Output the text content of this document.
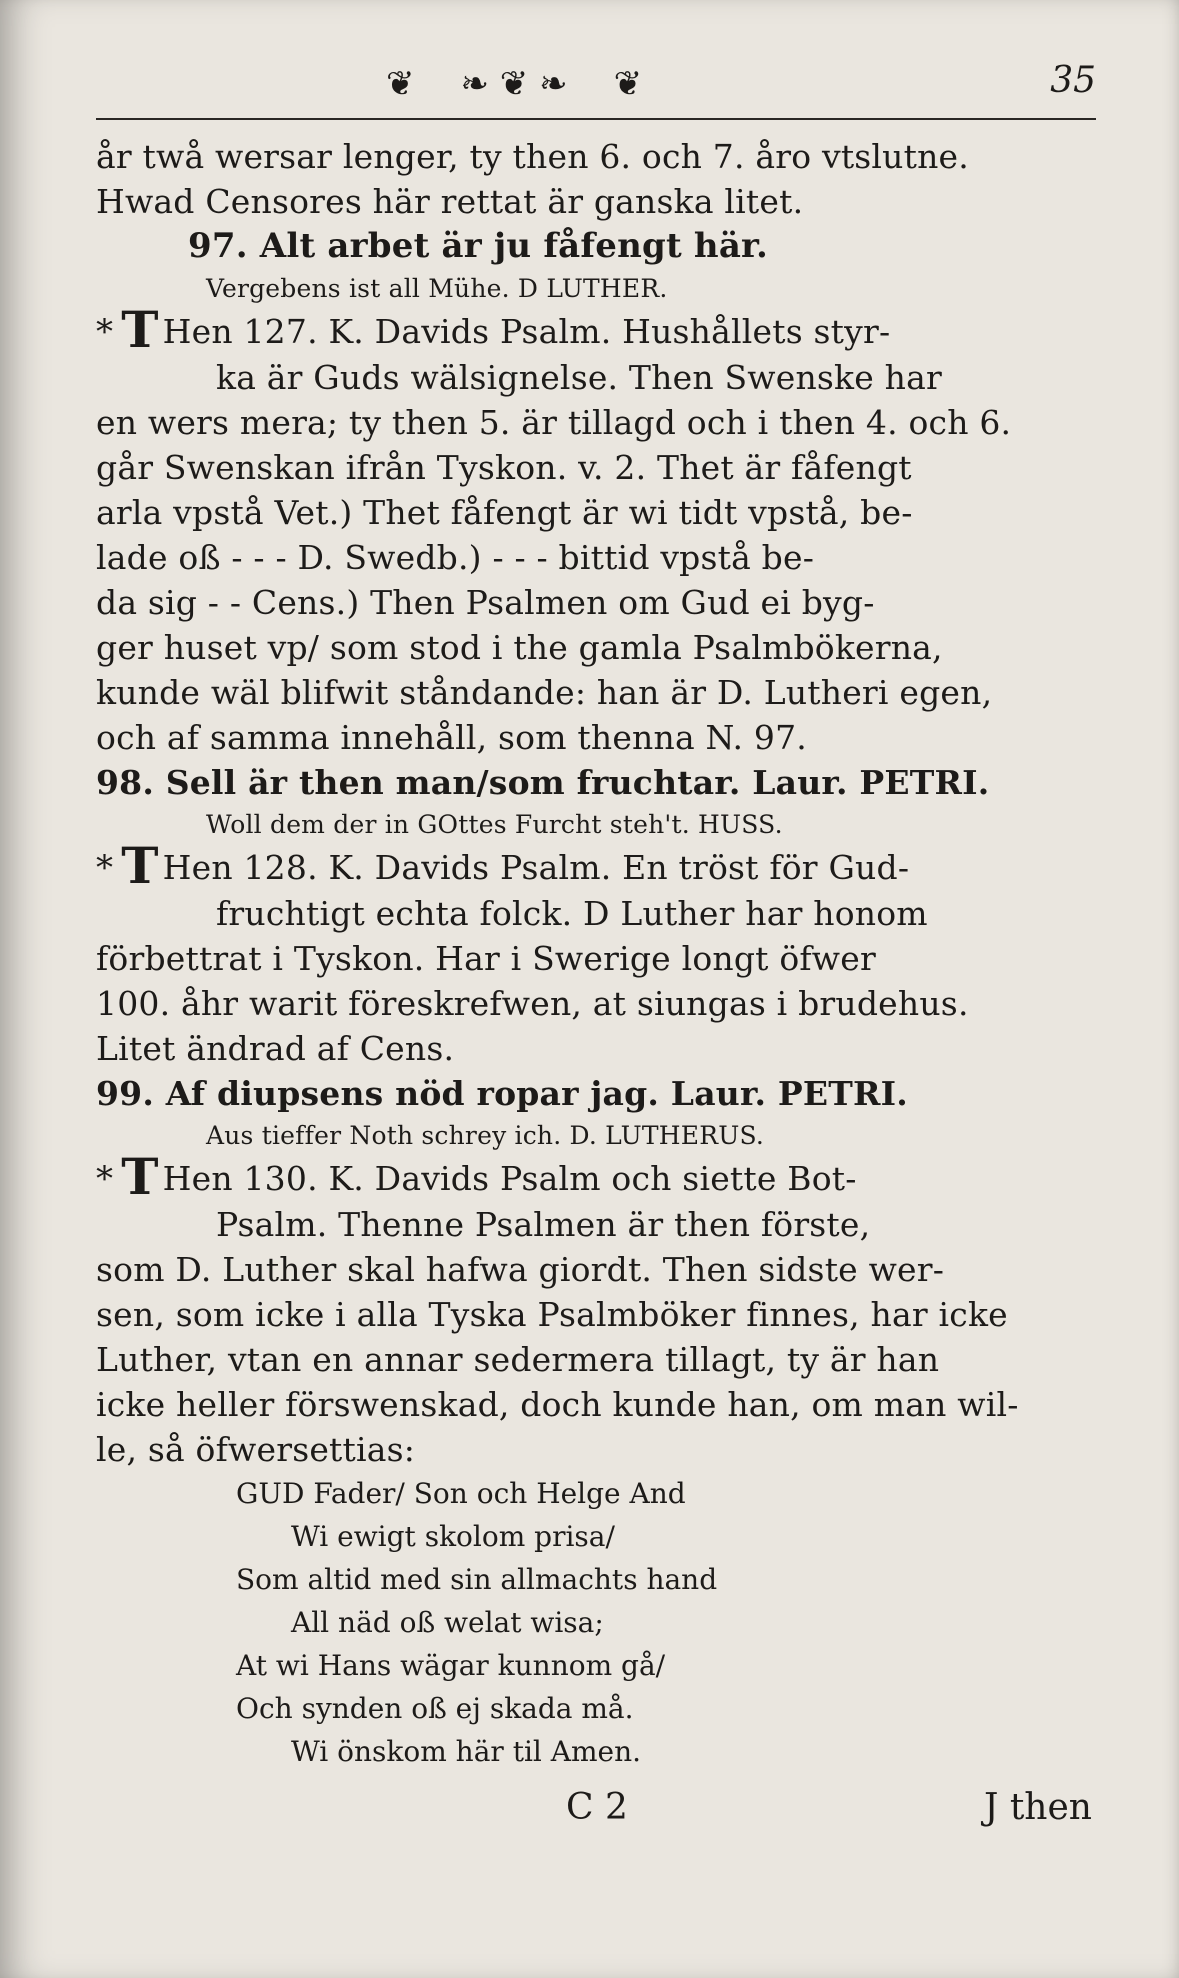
❦ ❧ ❦ ❧ ❦	35
år twå wersar lenger, ty then 6. och 7. åro vtslutne.
Hwad Censores här rettat är ganska litet.
97. Alt arbet är ju fåfengt här.
Vergebens ist all Mühe. D LUTHER.
* T Hen 127. K. Davids Psalm. Hushållets styr-
ka är Guds wälsignelse. Then Swenske har
en wers mera; ty then 5. är tillagd och i then 4. och 6.
går Swenskan ifrån Tyskon. v. 2. Thet är fåfengt
arla vpstå Vet.) Thet fåfengt är wi tidt vpstå, be-
lade oß - - - D. Swedb.) - - - bittid vpstå be-
da sig - - Cens.) Then Psalmen om Gud ei byg-
ger huset vp/ som stod i the gamla Psalmbökerna,
kunde wäl blifwit ståndande: han är D. Lutheri egen,
och af samma innehåll, som thenna N. 97.
98. Sell är then man/som fruchtar. Laur. PETRI.
Woll dem der in GOttes Furcht steh't. HUSS.
* T Hen 128. K. Davids Psalm. En tröst för Gud-
fruchtigt echta folck. D Luther har honom
förbettrat i Tyskon. Har i Swerige longt öfwer
100. åhr warit föreskrefwen, at siungas i brudehus.
Litet ändrad af Cens.
99. Af diupsens nöd ropar jag. Laur. PETRI.
Aus tieffer Noth schrey ich. D. LUTHERUS.
* T Hen 130. K. Davids Psalm och siette Bot-
Psalm. Thenne Psalmen är then förste,
som D. Luther skal hafwa giordt. Then sidste wer-
sen, som icke i alla Tyska Psalmböker finnes, har icke
Luther, vtan en annar sedermera tillagt, ty är han
icke heller förswenskad, doch kunde han, om man wil-
le, så öfwersettias:
GUD Fader/ Son och Helge And
Wi ewigt skolom prisa/
Som altid med sin allmachts hand
All näd oß welat wisa;
At wi Hans wägar kunnom gå/
Och synden oß ej skada må.
Wi önskom här til Amen.
C 2	J then
